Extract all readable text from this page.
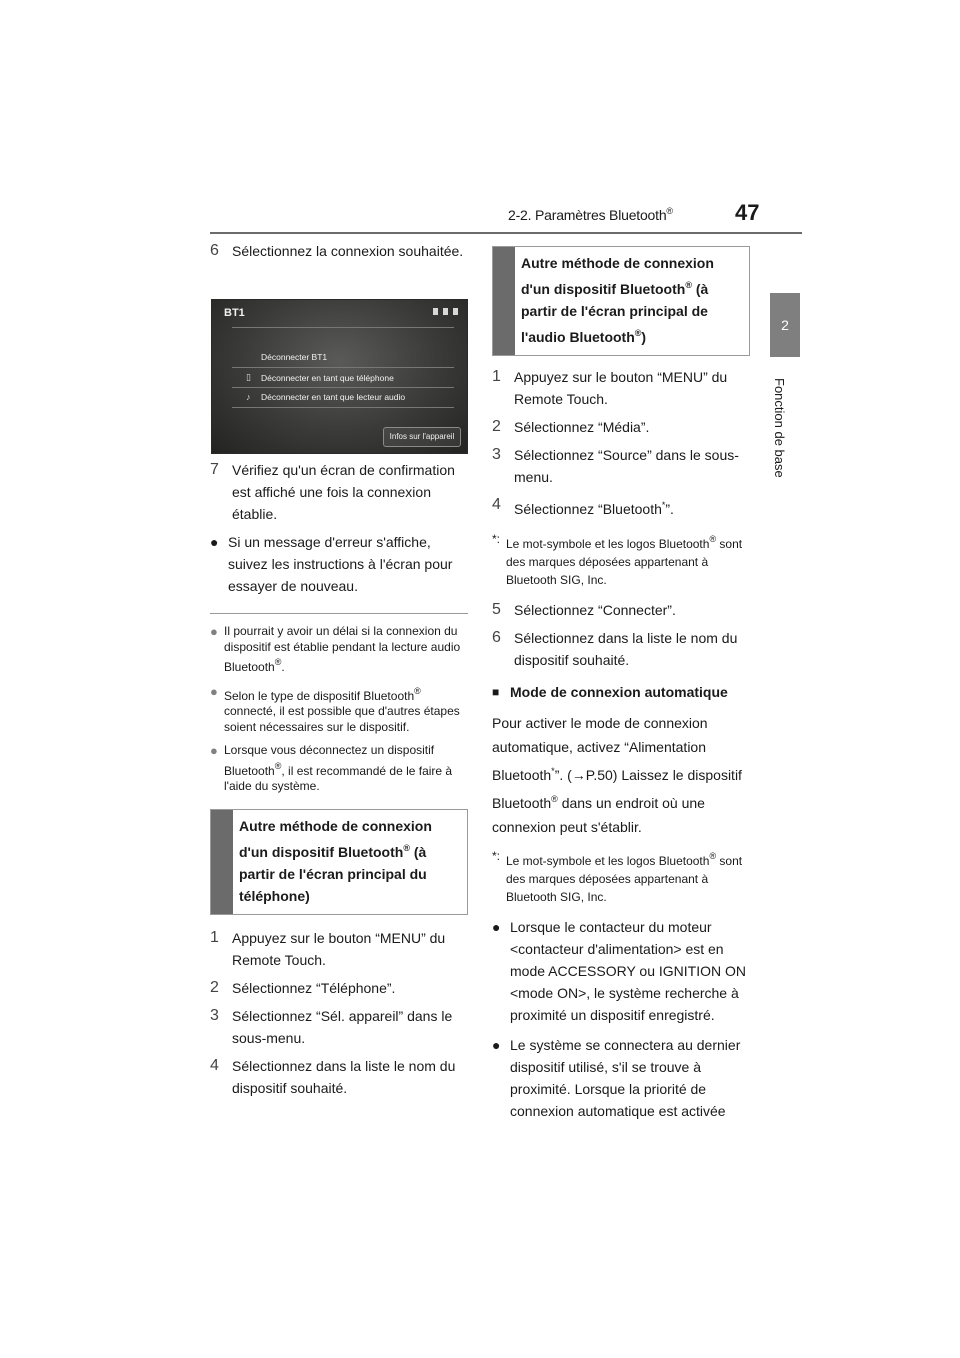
2-2. Paramètres Bluetooth®	47
2
Fonction de base
6 Sélectionnez la connexion souhaitée.
BT1
Déconnecter BT1
▯	Déconnecter en tant que téléphone
♪	Déconnecter en tant que lecteur audio
Infos sur l'appareil
7 Vérifiez qu'un écran de confirmation est affiché une fois la connexion établie.
● Si un message d'erreur s'affiche, suivez les instructions à l'écran pour essayer de nouveau.
● Il pourrait y avoir un délai si la connexion du dispositif est établie pendant la lecture audio Bluetooth®.
● Selon le type de dispositif Bluetooth® connecté, il est possible que d'autres étapes soient nécessaires sur le dispositif.
● Lorsque vous déconnectez un dispositif Bluetooth®, il est recommandé de le faire à l'aide du système.
Autre méthode de connexion d'un dispositif Bluetooth® (à partir de l'écran principal du téléphone)
1 Appuyez sur le bouton “MENU” du Remote Touch.
2 Sélectionnez “Téléphone”.
3 Sélectionnez “Sél. appareil” dans le sous-menu.
4 Sélectionnez dans la liste le nom du dispositif souhaité.
Autre méthode de connexion d'un dispositif Bluetooth® (à partir de l'écran principal de l'audio Bluetooth®)
1 Appuyez sur le bouton “MENU” du Remote Touch.
2 Sélectionnez “Média”.
3 Sélectionnez “Source” dans le sous-menu.
4 Sélectionnez “Bluetooth*”.
*: Le mot-symbole et les logos Bluetooth® sont des marques déposées appartenant à Bluetooth SIG, Inc.
5 Sélectionnez “Connecter”.
6 Sélectionnez dans la liste le nom du dispositif souhaité.
■ Mode de connexion automatique
Pour activer le mode de connexion automatique, activez “Alimentation Bluetooth*”. (→P.50) Laissez le dispositif Bluetooth® dans un endroit où une connexion peut s'établir.
*: Le mot-symbole et les logos Bluetooth® sont des marques déposées appartenant à Bluetooth SIG, Inc.
● Lorsque le contacteur du moteur <contacteur d'alimentation> est en mode ACCESSORY ou IGNITION ON <mode ON>, le système recherche à proximité un dispositif enregistré.
● Le système se connectera au dernier dispositif utilisé, s'il se trouve à proximité. Lorsque la priorité de connexion automatique est activée
